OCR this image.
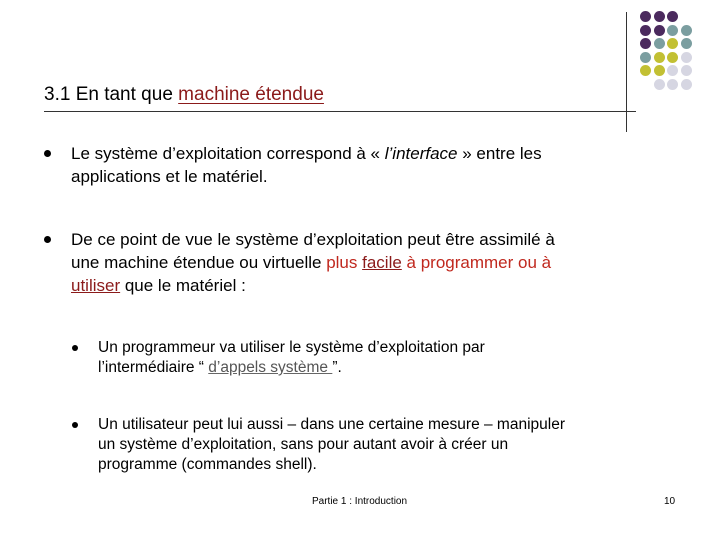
3.1 En tant que machine étendue
Le système d’exploitation correspond à « l’interface » entre les
applications et le matériel.
De ce point de vue le système d’exploitation peut être assimilé à
une machine étendue ou virtuelle plus facile à programmer ou à
utiliser que le matériel :
Un programmeur va utiliser le système d’exploitation par
l’intermédiaire “ d’appels système ”.
Un utilisateur peut lui aussi – dans une certaine mesure – manipuler
un système d’exploitation, sans pour autant avoir à créer un
programme (commandes shell).
Partie 1 : Introduction	10
